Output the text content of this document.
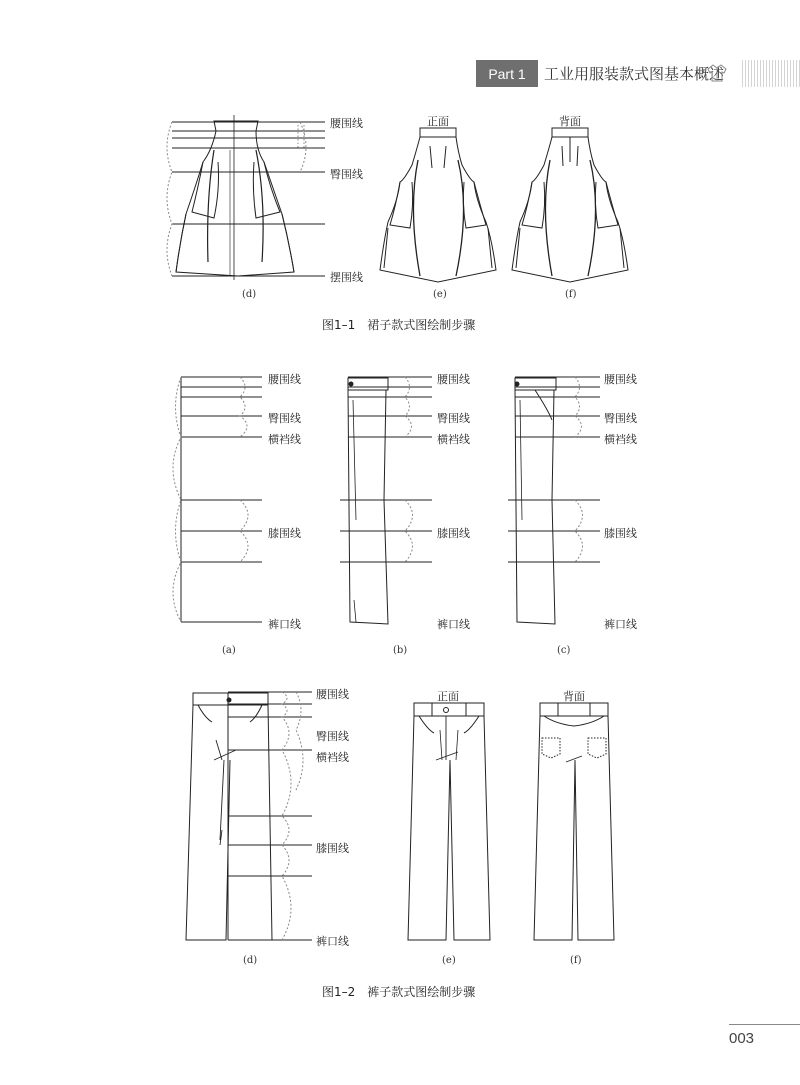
Part 1	工业用服装款式图基本概述
腰围线
臀围线
摆围线
正面	背面
(d)	(e)	(f)
图1–1　裙子款式图绘制步骤
腰围线
臀围线
横裆线
膝围线
裤口线
腰围线
臀围线
横裆线
膝围线
裤口线
腰围线
臀围线
横裆线
膝围线
裤口线
(a)	(b)	(c)
腰围线
臀围线
横裆线
膝围线
裤口线
正面	背面
(d)	(e)	(f)
图1–2　裤子款式图绘制步骤
003
